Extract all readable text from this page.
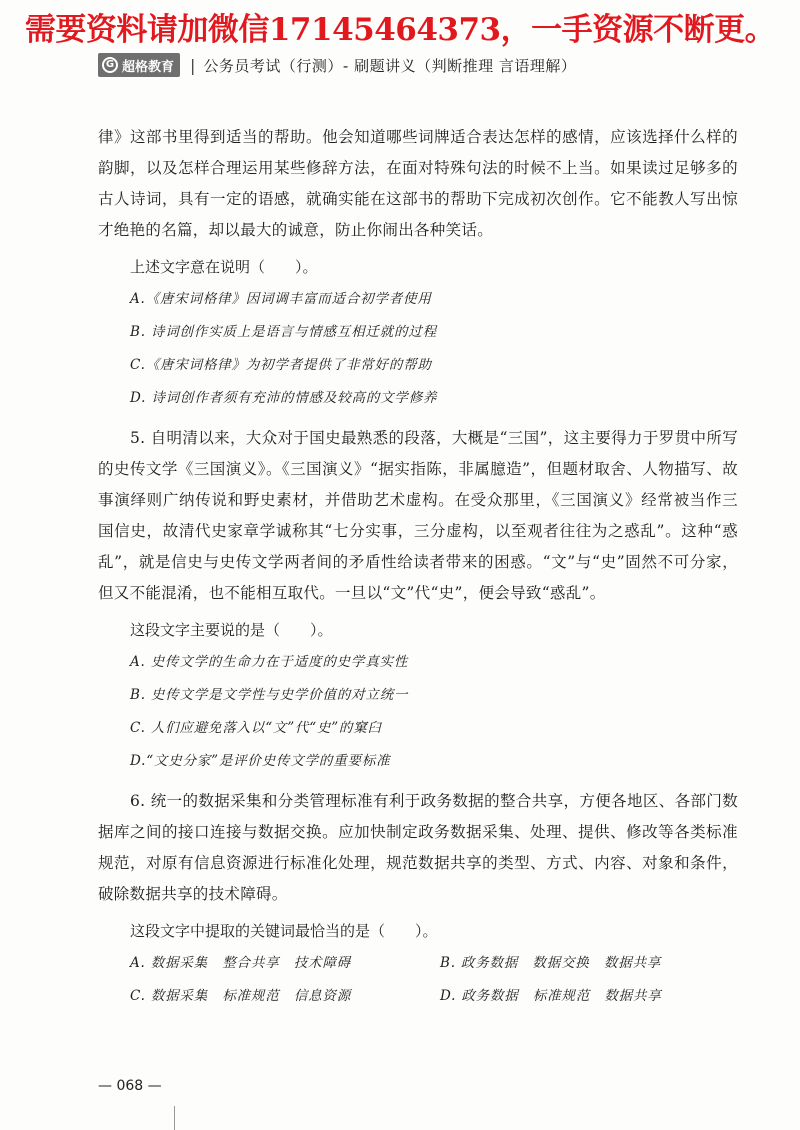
需要资料请加微信17145464373，一手资源不断更。
G 超格教育 | 公务员考试（行测）- 刷题讲义（判断推理 言语理解）

律》这部书里得到适当的帮助。他会知道哪些词牌适合表达怎样的感情，应该选择什么样的韵脚，以及怎样合理运用某些修辞方法，在面对特殊句法的时候不上当。如果读过足够多的古人诗词，具有一定的语感，就确实能在这部书的帮助下完成初次创作。它不能教人写出惊才绝艳的名篇，却以最大的诚意，防止你闹出各种笑话。

上述文字意在说明（　　）。

A.《唐宋词格律》因词调丰富而适合初学者使用

B. 诗词创作实质上是语言与情感互相迁就的过程

C.《唐宋词格律》为初学者提供了非常好的帮助

D. 诗词创作者须有充沛的情感及较高的文学修养

5. 自明清以来，大众对于国史最熟悉的段落，大概是“三国”，这主要得力于罗贯中所写的史传文学《三国演义》。《三国演义》“据实指陈，非属臆造”，但题材取舍、人物描写、故事演绎则广纳传说和野史素材，并借助艺术虚构。在受众那里，《三国演义》经常被当作三国信史，故清代史家章学诚称其“七分实事，三分虚构，以至观者往往为之惑乱”。这种“惑乱”，就是信史与史传文学两者间的矛盾性给读者带来的困惑。“文”与“史”固然不可分家，但又不能混淆，也不能相互取代。一旦以“文”代“史”，便会导致“惑乱”。

这段文字主要说的是（　　）。

A. 史传文学的生命力在于适度的史学真实性

B. 史传文学是文学性与史学价值的对立统一

C. 人们应避免落入以“文”代“史”的窠臼

D.“文史分家”是评价史传文学的重要标准

6. 统一的数据采集和分类管理标准有利于政务数据的整合共享，方便各地区、各部门数据库之间的接口连接与数据交换。应加快制定政务数据采集、处理、提供、修改等各类标准规范，对原有信息资源进行标准化处理，规范数据共享的类型、方式、内容、对象和条件，破除数据共享的技术障碍。

这段文字中提取的关键词最恰当的是（　　）。

A. 数据采集　整合共享　技术障碍	B. 政务数据　数据交换　数据共享

C. 数据采集　标准规范　信息资源	D. 政务数据　标准规范　数据共享

— 068 —
